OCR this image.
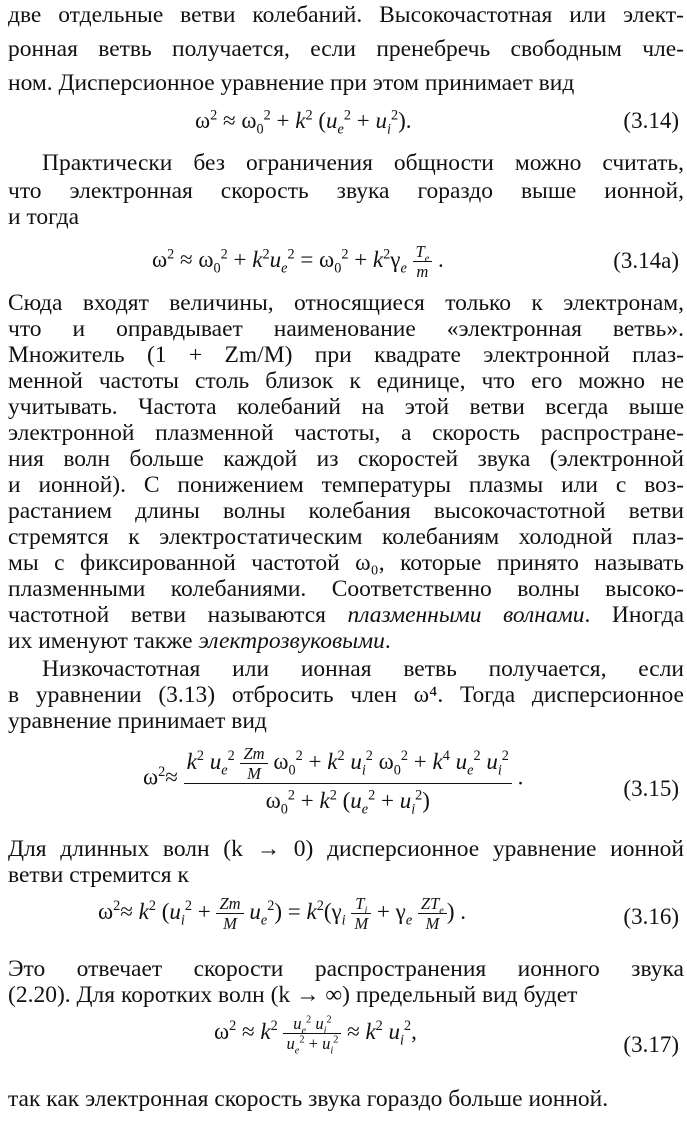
две отдельные ветви колебаний. Высокочастотная или элект-
ронная ветвь получается, если пренебречь свободным чле-
ном. Дисперсионное уравнение при этом принимает вид
$\omega^2 \approx \omega_0^2 + k^2$ $(u_e^2 + u_i^2)$.	(3.14)
Практически без ограничения общности можно считать,
что электронная скорость звука гораздо выше ионной,
и тогда
$\omega^2 \approx \omega_0^2 + k^2u_e^2 = \omega_0^2 + k^2\gamma_e \frac{T_e}{m}$ .	(3.14а)
Сюда входят величины, относящиеся только к электронам,
что и оправдывает наименование «электронная ветвь».
Множитель (1 + Zm/M) при квадрате электронной плаз-
менной частоты столь близок к единице, что его можно не
учитывать. Частота колебаний на этой ветви всегда выше
электронной плазменной частоты, а скорость распростране-
ния волн больше каждой из скоростей звука (электронной
и ионной). С понижением температуры плазмы или с воз-
растанием длины волны колебания высокочастотной ветви
стремятся к электростатическим колебаниям холодной плаз-
мы с фиксированной частотой ω₀, которые принято называть
плазменными колебаниями. Соответственно волны высоко-
частотной ветви называются плазменными волнами. Иногда
их именуют также электрозвуковыми.
Низкочастотная или ионная ветвь получается, если
в уравнении (3.13) отбросить член ω⁴. Тогда дисперсионное
уравнение принимает вид
$\omega^2\approx \frac{k^2 u_e^2 \frac{Zm}{M} \omega_0^2 + k^2 u_i^2 \omega_0^2 + k^4 u_e^2 u_i^2}{\omega_0^2 + k^2 (u_e^2 + u_i^2)}$ .	(3.15)
Для длинных волн (k → 0) дисперсионное уравнение ионной
ветви стремится к
$\omega^2\approx k^2$ $(u_i^2 + \frac{Zm}{M} u_e^2) = k^2(\gamma_i \frac{T_i}{M} + \gamma_e \frac{ZT_e}{M}$ ) .	(3.16)
Это отвечает скорости распространения ионного звука
(2.20). Для коротких волн (k → ∞) предельный вид будет
$\omega^2 \approx k^2 \frac{u_e^2 u_i^2}{u_e^2 + u_i^2} \approx k^2$ $u_i^2$,
(3.17)
так как электронная скорость звука гораздо больше ионной.
